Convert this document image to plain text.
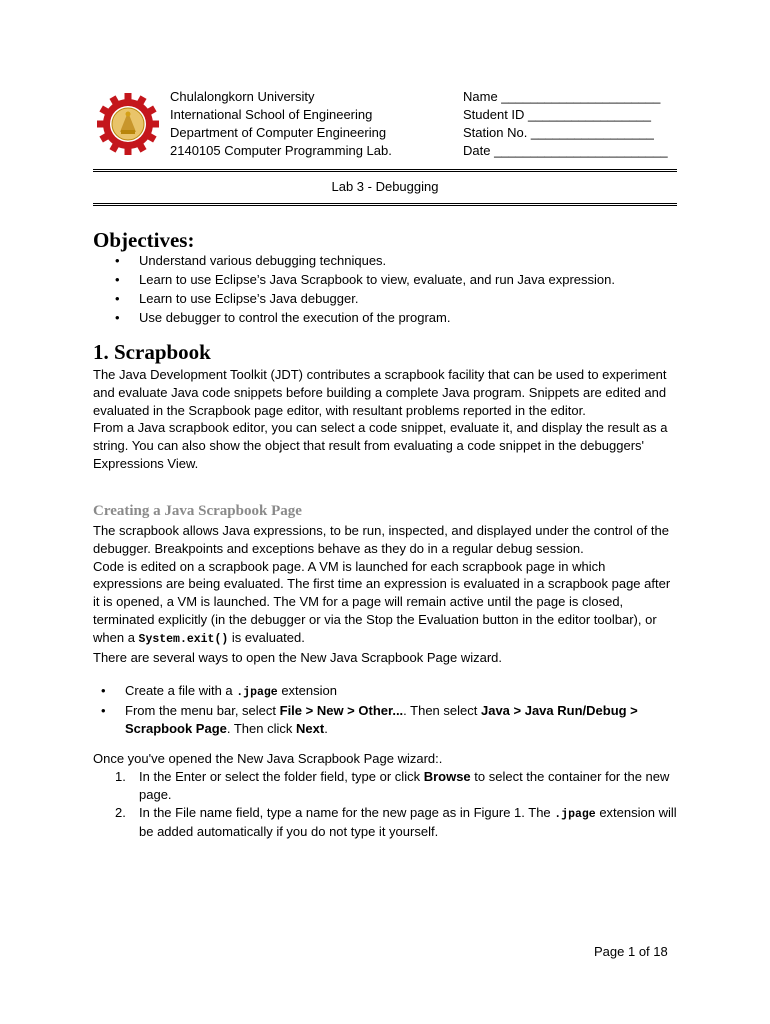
Chulalongkorn University
International School of Engineering
Department of Computer Engineering
2140105 Computer Programming Lab.
Name ______________________
Student ID _________________
Station No. _________________
Date ________________________
Lab 3 - Debugging
Objectives:
• Understand various debugging techniques.
• Learn to use Eclipse’s Java Scrapbook to view, evaluate, and run Java expression.
• Learn to use Eclipse’s Java debugger.
• Use debugger to control the execution of the program.
1. Scrapbook

The Java Development Toolkit (JDT) contributes a scrapbook facility that can be used to experiment and evaluate Java code snippets before building a complete Java program. Snippets are edited and evaluated in the Scrapbook page editor, with resultant problems reported in the editor.

From a Java scrapbook editor, you can select a code snippet, evaluate it, and display the result as a string. You can also show the object that result from evaluating a code snippet in the debuggers' Expressions View.

Creating a Java Scrapbook Page

The scrapbook allows Java expressions, to be run, inspected, and displayed under the control of the debugger. Breakpoints and exceptions behave as they do in a regular debug session.

Code is edited on a scrapbook page. A VM is launched for each scrapbook page in which expressions are being evaluated. The first time an expression is evaluated in a scrapbook page after it is opened, a VM is launched. The VM for a page will remain active until the page is closed, terminated explicitly (in the debugger or via the Stop the Evaluation button in the editor toolbar), or when a System.exit() is evaluated.

There are several ways to open the New Java Scrapbook Page wizard.

• Create a file with a .jpage extension
• From the menu bar, select File > New > Other.... Then select Java > Java Run/Debug > Scrapbook Page. Then click Next.
Once you've opened the New Java Scrapbook Page wizard:.
1. In the Enter or select the folder field, type or click Browse to select the container for the new page.
2. In the File name field, type a name for the new page as in Figure 1. The .jpage extension will be added automatically if you do not type it yourself.
Page 1 of 18
